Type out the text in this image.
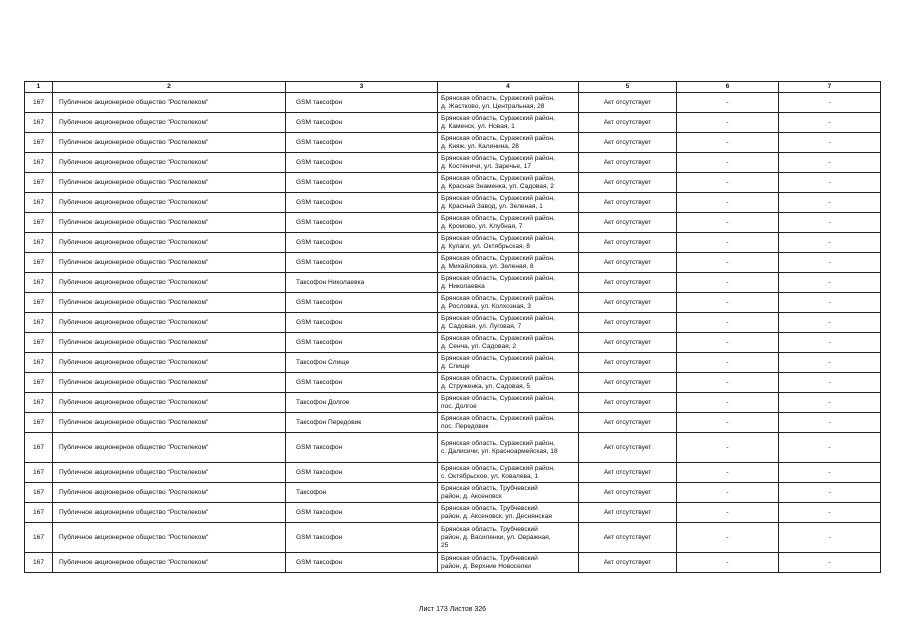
1	2	3	4	5	6	7
167	Публичное акционерное общество "Ростелеком"	GSM таксофон	Брянская область, Суражский район,
д. Жастково, ул. Центральная, 28	Акт отсутствует	-	-
167	Публичное акционерное общество "Ростелеком"	GSM таксофон	Брянская область, Суражский район,
д. Каменск, ул. Новая, 1	Акт отсутствует	-	-
167	Публичное акционерное общество "Ростелеком"	GSM таксофон	Брянская область, Суражский район,
д. Княж, ул. Калинина, 28	Акт отсутствует	-	-
167	Публичное акционерное общество "Ростелеком"	GSM таксофон	Брянская область, Суражский район,
д. Костеничи, ул. Заречье, 17	Акт отсутствует	-	-
167	Публичное акционерное общество "Ростелеком"	GSM таксофон	Брянская область, Суражский район,
д. Красная Знаменка, ул. Садовая, 2	Акт отсутствует	-	-
167	Публичное акционерное общество "Ростелеком"	GSM таксофон	Брянская область, Суражский район,
д. Красный Завод, ул. Зеленая, 1	Акт отсутствует	-	-
167	Публичное акционерное общество "Ростелеком"	GSM таксофон	Брянская область, Суражский район,
д. Кромово, ул. Клубная, 7	Акт отсутствует	-	-
167	Публичное акционерное общество "Ростелеком"	GSM таксофон	Брянская область, Суражский район,
д. Кулаги, ул. Октябрьская, 8	Акт отсутствует	-	-
167	Публичное акционерное общество "Ростелеком"	GSM таксофон	Брянская область, Суражский район,
д. Михайловка, ул. Зеленая, 8	Акт отсутствует	-	-
167	Публичное акционерное общество "Ростелеком"	Таксофон Николаевка	Брянская область, Суражский район,
д. Николаевка	Акт отсутствует	-	-
167	Публичное акционерное общество "Ростелеком"	GSM таксофон	Брянская область, Суражский район,
д. Рословка, ул. Колхозная, 3	Акт отсутствует	-	-
167	Публичное акционерное общество "Ростелеком"	GSM таксофон	Брянская область, Суражский район,
д. Садовая, ул. Луговая, 7	Акт отсутствует	-	-
167	Публичное акционерное общество "Ростелеком"	GSM таксофон	Брянская область, Суражский район,
д. Сенча, ул. Садовая, 2	Акт отсутствует	-	-
167	Публичное акционерное общество "Ростелеком"	Таксофон Слище	Брянская область, Суражский район,
д. Слище	Акт отсутствует	-	-
167	Публичное акционерное общество "Ростелеком"	GSM таксофон	Брянская область, Суражский район,
д. Струженка, ул. Садовая, 5	Акт отсутствует	-	-
167	Публичное акционерное общество "Ростелеком"	Таксофон Долгое	Брянская область, Суражский район,
пос. Долгое	Акт отсутствует	-	-
167	Публичное акционерное общество "Ростелеком"	Таксофон Передовик	Брянская область, Суражский район,
пос. Передовик	Акт отсутствует	-	-
167	Публичное акционерное общество "Ростелеком"	GSM таксофон	Брянская область, Суражский район,
с. Далисичи, ул. Красноармейская, 18	Акт отсутствует	-	-
167	Публичное акционерное общество "Ростелеком"	GSM таксофон	Брянская область, Суражский район,
с. Октябрьское, ул. Ковалева, 1	Акт отсутствует	-	-
167	Публичное акционерное общество "Ростелеком"	Таксофон	Брянская область, Трубчевский
район, д. Аксеновск	Акт отсутствует	-	-
167	Публичное акционерное общество "Ростелеком"	GSM таксофон	Брянская область, Трубчевский
район, д. Аксеновск, ул. Деснянская	Акт отсутствует	-	-
167	Публичное акционерное общество "Ростелеком"	GSM таксофон	Брянская область, Трубчевский
район, д. Василенки, ул. Овражная,
25	Акт отсутствует	-	-
167	Публичное акционерное общество "Ростелеком"	GSM таксофон	Брянская область, Трубчевский
район, д. Верхние Новоселки	Акт отсутствует	-	-
Лист 173 Листов 326
